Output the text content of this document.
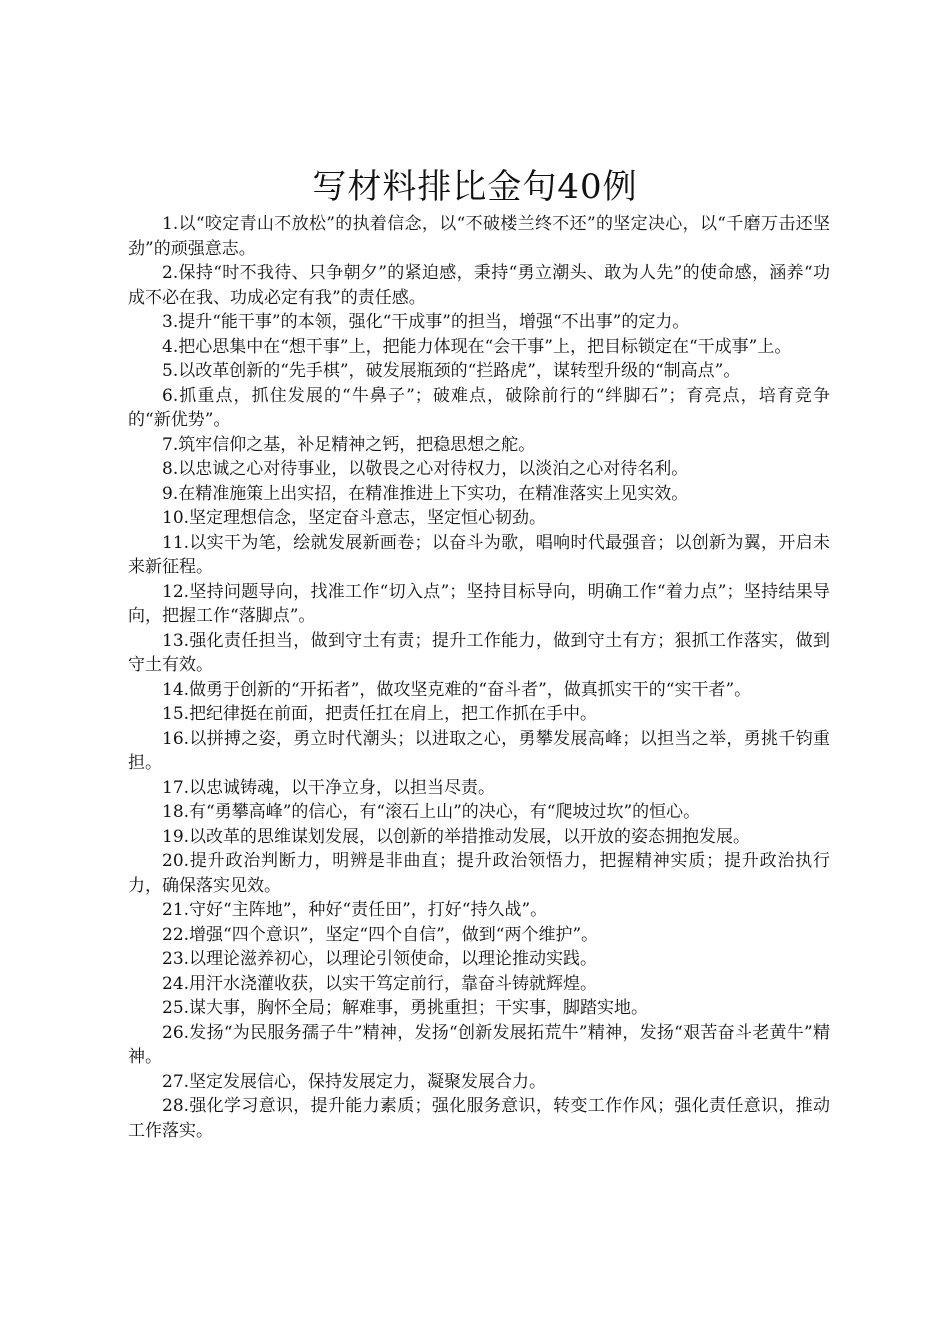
写材料排比金句40例

1.以“咬定青山不放松”的执着信念，以“不破楼兰终不还”的坚定决心，以“千磨万击还坚劲”的顽强意志。

2.保持“时不我待、只争朝夕”的紧迫感，秉持“勇立潮头、敢为人先”的使命感，涵养“功成不必在我、功成必定有我”的责任感。

3.提升“能干事”的本领，强化“干成事”的担当，增强“不出事”的定力。

4.把心思集中在“想干事”上，把能力体现在“会干事”上，把目标锁定在“干成事”上。

5.以改革创新的“先手棋”，破发展瓶颈的“拦路虎”，谋转型升级的“制高点”。

6.抓重点，抓住发展的“牛鼻子”；破难点，破除前行的“绊脚石”；育亮点，培育竞争的“新优势”。

7.筑牢信仰之基，补足精神之钙，把稳思想之舵。

8.以忠诚之心对待事业，以敬畏之心对待权力，以淡泊之心对待名利。

9.在精准施策上出实招，在精准推进上下实功，在精准落实上见实效。

10.坚定理想信念，坚定奋斗意志，坚定恒心韧劲。

11.以实干为笔，绘就发展新画卷；以奋斗为歌，唱响时代最强音；以创新为翼，开启未来新征程。

12.坚持问题导向，找准工作“切入点”；坚持目标导向，明确工作“着力点”；坚持结果导向，把握工作“落脚点”。

13.强化责任担当，做到守土有责；提升工作能力，做到守土有方；狠抓工作落实，做到守土有效。

14.做勇于创新的“开拓者”，做攻坚克难的“奋斗者”，做真抓实干的“实干者”。

15.把纪律挺在前面，把责任扛在肩上，把工作抓在手中。

16.以拼搏之姿，勇立时代潮头；以进取之心，勇攀发展高峰；以担当之举，勇挑千钧重担。

17.以忠诚铸魂，以干净立身，以担当尽责。

18.有“勇攀高峰”的信心，有“滚石上山”的决心，有“爬坡过坎”的恒心。

19.以改革的思维谋划发展，以创新的举措推动发展，以开放的姿态拥抱发展。

20.提升政治判断力，明辨是非曲直；提升政治领悟力，把握精神实质；提升政治执行力，确保落实见效。

21.守好“主阵地”，种好“责任田”，打好“持久战”。

22.增强“四个意识”，坚定“四个自信”，做到“两个维护”。

23.以理论滋养初心，以理论引领使命，以理论推动实践。

24.用汗水浇灌收获，以实干笃定前行，靠奋斗铸就辉煌。

25.谋大事，胸怀全局；解难事，勇挑重担；干实事，脚踏实地。

26.发扬“为民服务孺子牛”精神，发扬“创新发展拓荒牛”精神，发扬“艰苦奋斗老黄牛”精神。

27.坚定发展信心，保持发展定力，凝聚发展合力。

28.强化学习意识，提升能力素质；强化服务意识，转变工作作风；强化责任意识，推动工作落实。
